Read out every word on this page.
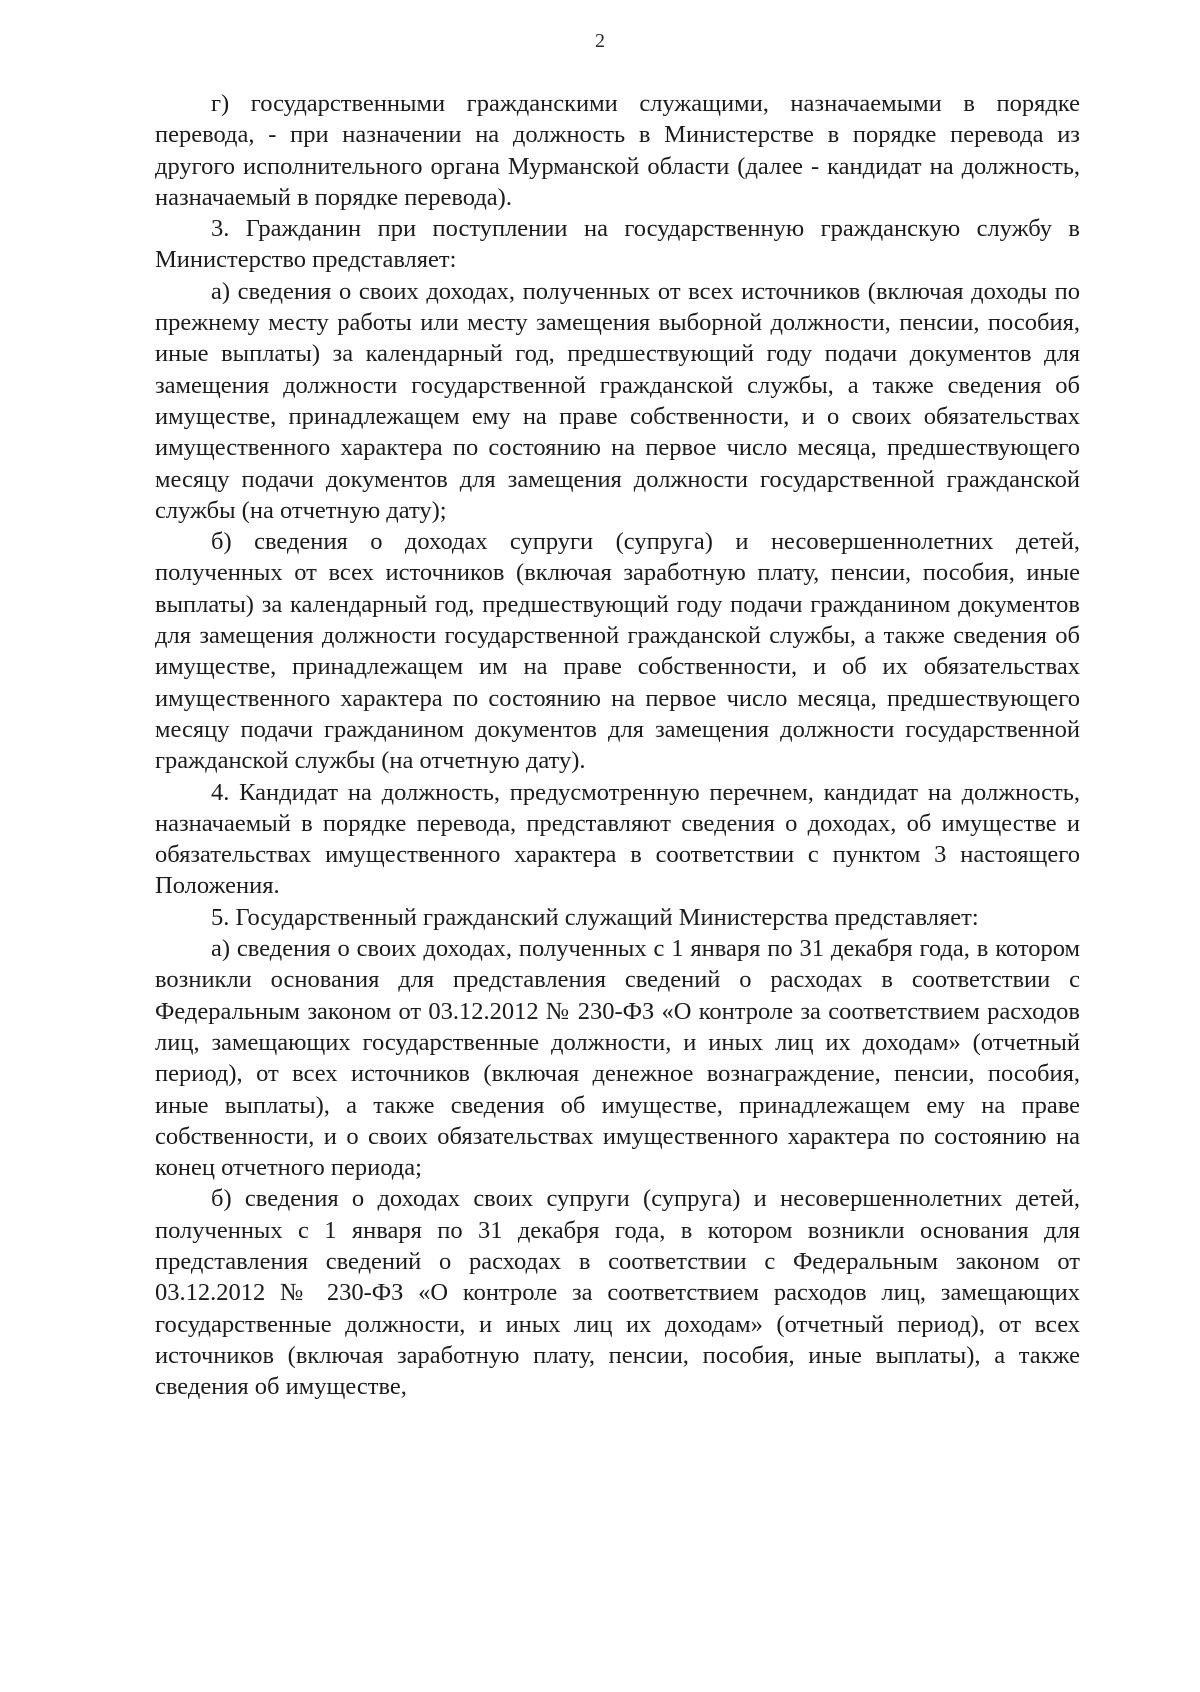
2

г) государственными гражданскими служащими, назначаемыми в порядке перевода, - при назначении на должность в Министерстве в порядке перевода из другого исполнительного органа Мурманской области (далее - кандидат на должность, назначаемый в порядке перевода).

3. Гражданин при поступлении на государственную гражданскую службу в Министерство представляет:

а) сведения о своих доходах, полученных от всех источников (включая доходы по прежнему месту работы или месту замещения выборной должности, пенсии, пособия, иные выплаты) за календарный год, предшествующий году подачи документов для замещения должности государственной гражданской службы, а также сведения об имуществе, принадлежащем ему на праве собственности, и о своих обязательствах имущественного характера по состоянию на первое число месяца, предшествующего месяцу подачи документов для замещения должности государственной гражданской службы (на отчетную дату);

б) сведения о доходах супруги (супруга) и несовершеннолетних детей, полученных от всех источников (включая заработную плату, пенсии, пособия, иные выплаты) за календарный год, предшествующий году подачи гражданином документов для замещения должности государственной гражданской службы, а также сведения об имуществе, принадлежащем им на праве собственности, и об их обязательствах имущественного характера по состоянию на первое число месяца, предшествующего месяцу подачи гражданином документов для замещения должности государственной гражданской службы (на отчетную дату).

4. Кандидат на должность, предусмотренную перечнем, кандидат на должность, назначаемый в порядке перевода, представляют сведения о доходах, об имуществе и обязательствах имущественного характера в соответствии с пунктом 3 настоящего Положения.

5. Государственный гражданский служащий Министерства представляет:

а) сведения о своих доходах, полученных с 1 января по 31 декабря года, в котором возникли основания для представления сведений о расходах в соответствии с Федеральным законом от 03.12.2012 № 230-ФЗ «О контроле за соответствием расходов лиц, замещающих государственные должности, и иных лиц их доходам» (отчетный период), от всех источников (включая денежное вознаграждение, пенсии, пособия, иные выплаты), а также сведения об имуществе, принадлежащем ему на праве собственности, и о своих обязательствах имущественного характера по состоянию на конец отчетного периода;

б) сведения о доходах своих супруги (супруга) и несовершеннолетних детей, полученных с 1 января по 31 декабря года, в котором возникли основания для представления сведений о расходах в соответствии с Федеральным законом от 03.12.2012 № 230-ФЗ «О контроле за соответствием расходов лиц, замещающих государственные должности, и иных лиц их доходам» (отчетный период), от всех источников (включая заработную плату, пенсии, пособия, иные выплаты), а также сведения об имуществе,
